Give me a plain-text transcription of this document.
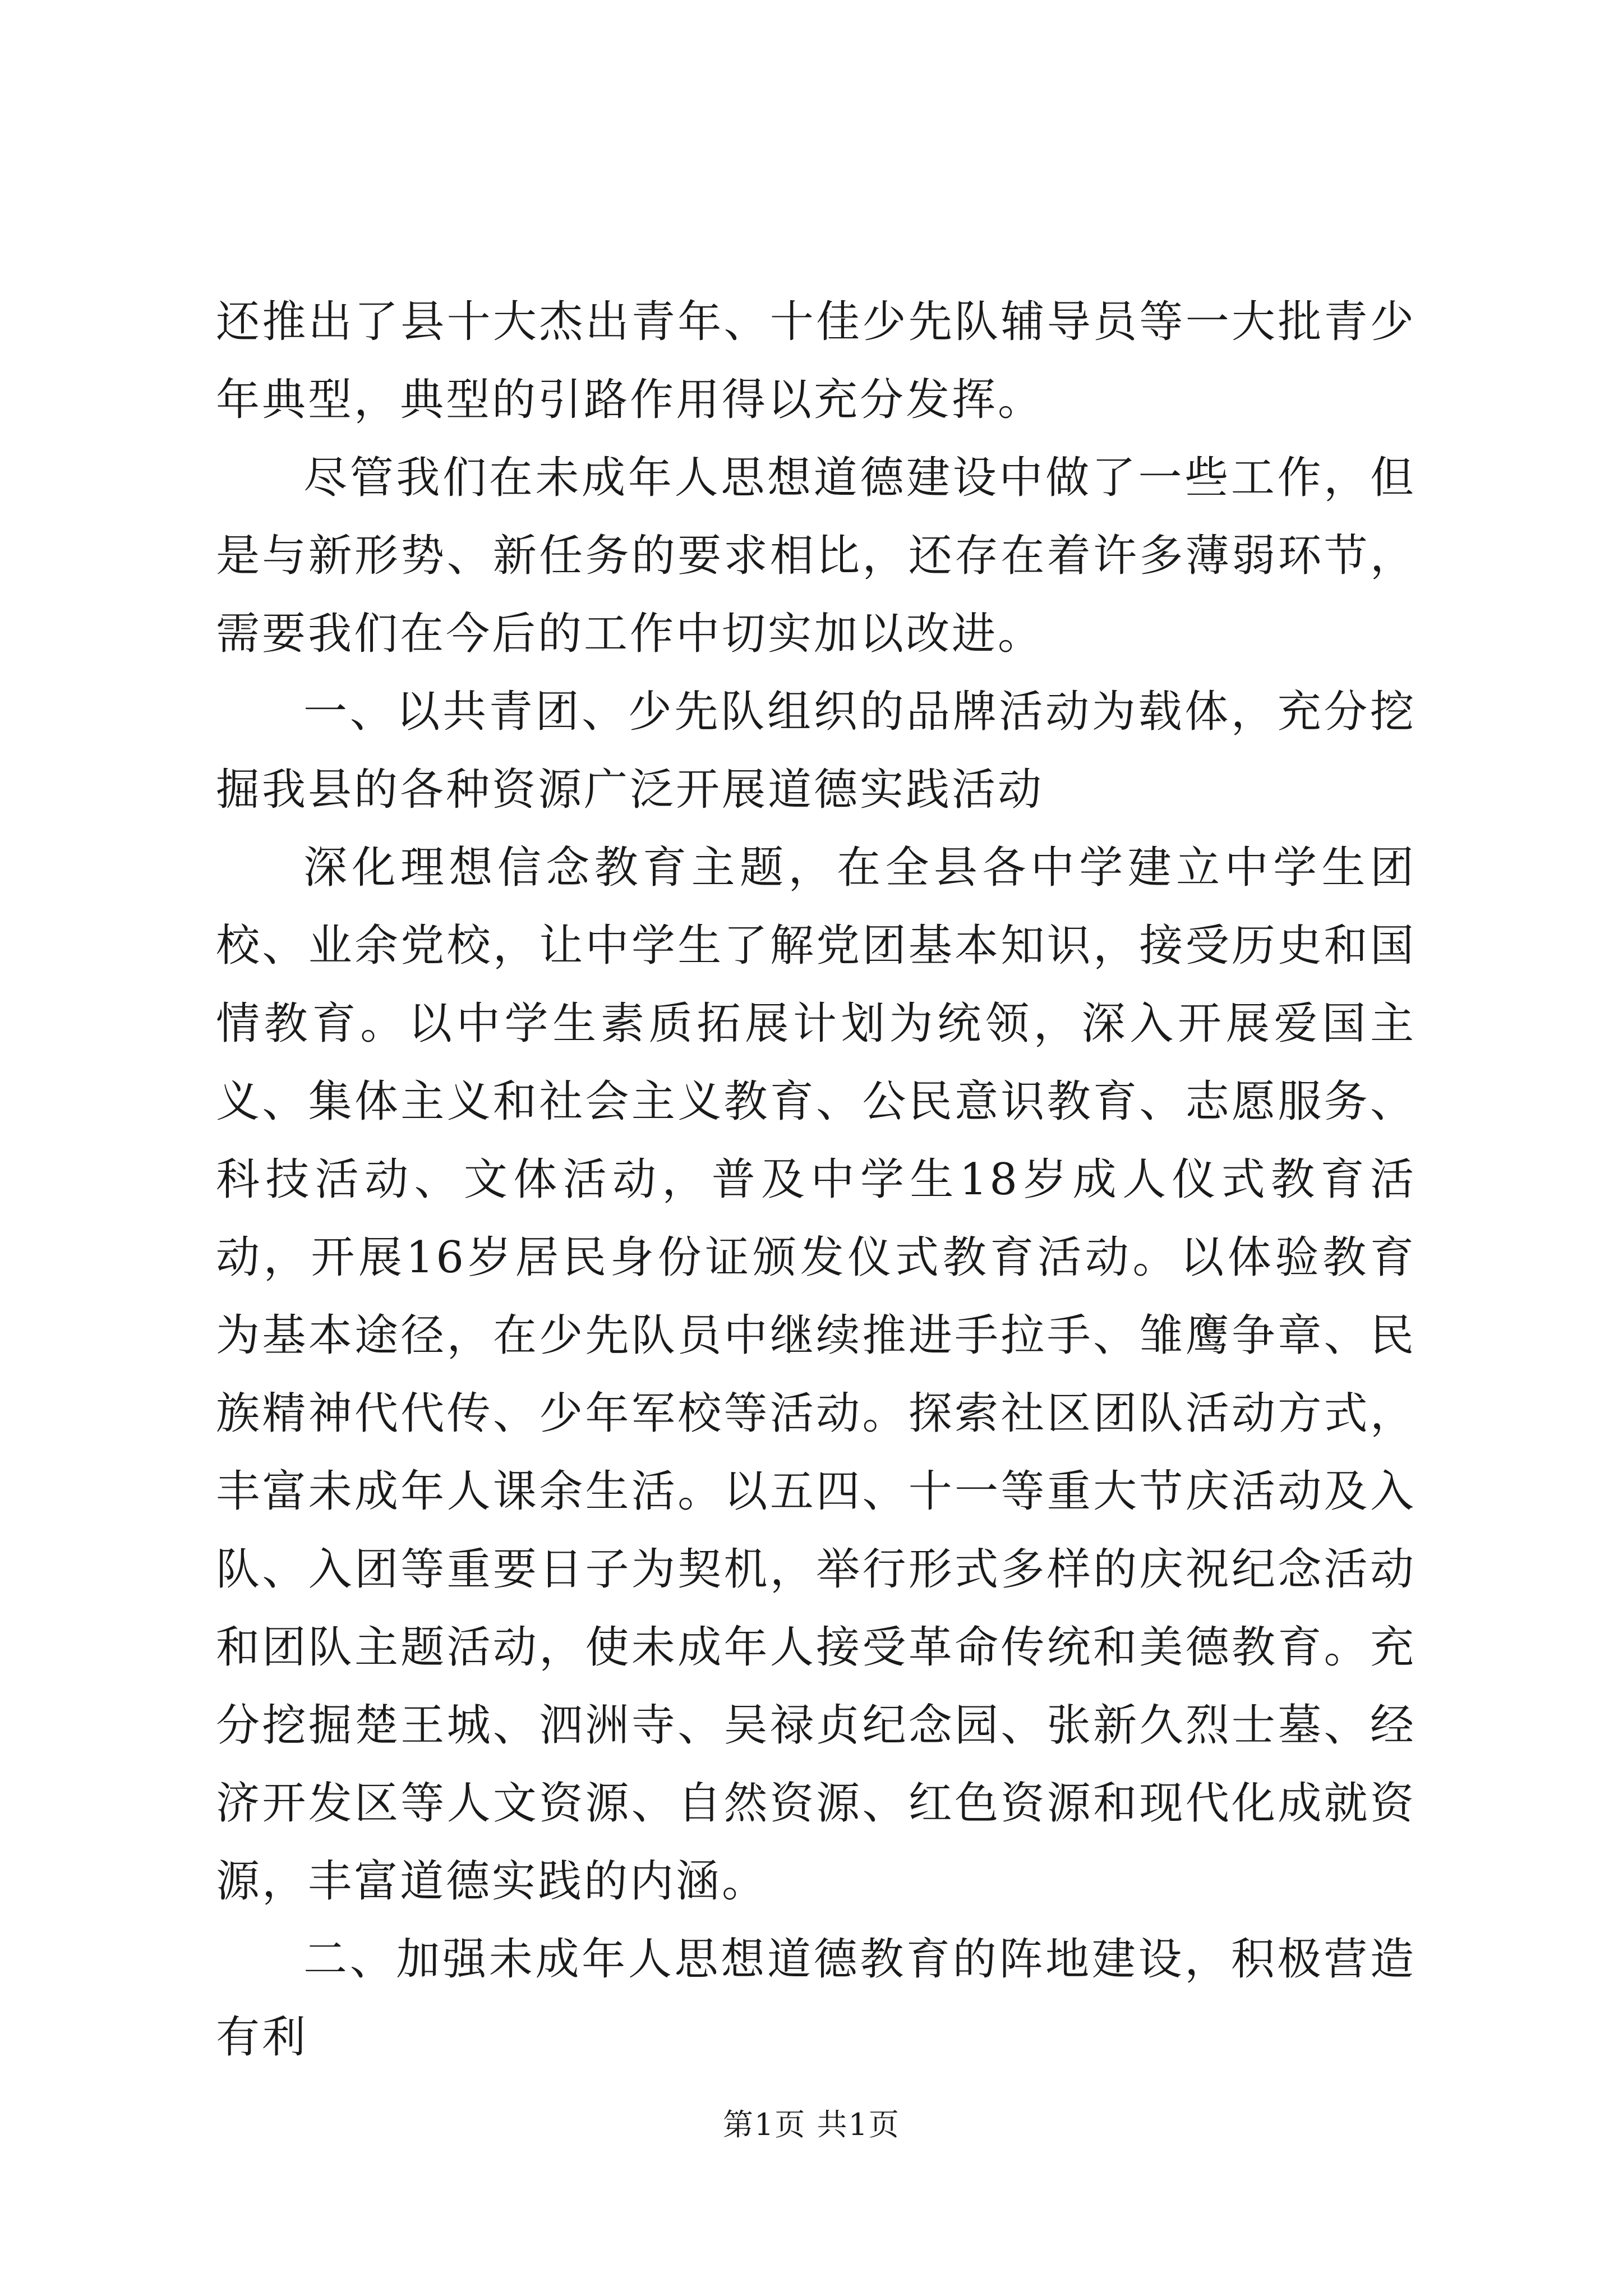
还推出了县十大杰出青年、十佳少先队辅导员等一大批青少年典型，典型的引路作用得以充分发挥。

尽管我们在未成年人思想道德建设中做了一些工作，但是与新形势、新任务的要求相比，还存在着许多薄弱环节，需要我们在今后的工作中切实加以改进。

一、以共青团、少先队组织的品牌活动为载体，充分挖掘我县的各种资源广泛开展道德实践活动

深化理想信念教育主题，在全县各中学建立中学生团校、业余党校，让中学生了解党团基本知识，接受历史和国情教育。以中学生素质拓展计划为统领，深入开展爱国主义、集体主义和社会主义教育、公民意识教育、志愿服务、科技活动、文体活动，普及中学生18岁成人仪式教育活动，开展16岁居民身份证颁发仪式教育活动。以体验教育为基本途径，在少先队员中继续推进手拉手、雏鹰争章、民族精神代代传、少年军校等活动。探索社区团队活动方式，丰富未成年人课余生活。以五四、十一等重大节庆活动及入队、入团等重要日子为契机，举行形式多样的庆祝纪念活动和团队主题活动，使未成年人接受革命传统和美德教育。充分挖掘楚王城、泗洲寺、吴禄贞纪念园、张新久烈士墓、经济开发区等人文资源、自然资源、红色资源和现代化成就资源，丰富道德实践的内涵。

二、加强未成年人思想道德教育的阵地建设，积极营造有利

第1页 共1页
